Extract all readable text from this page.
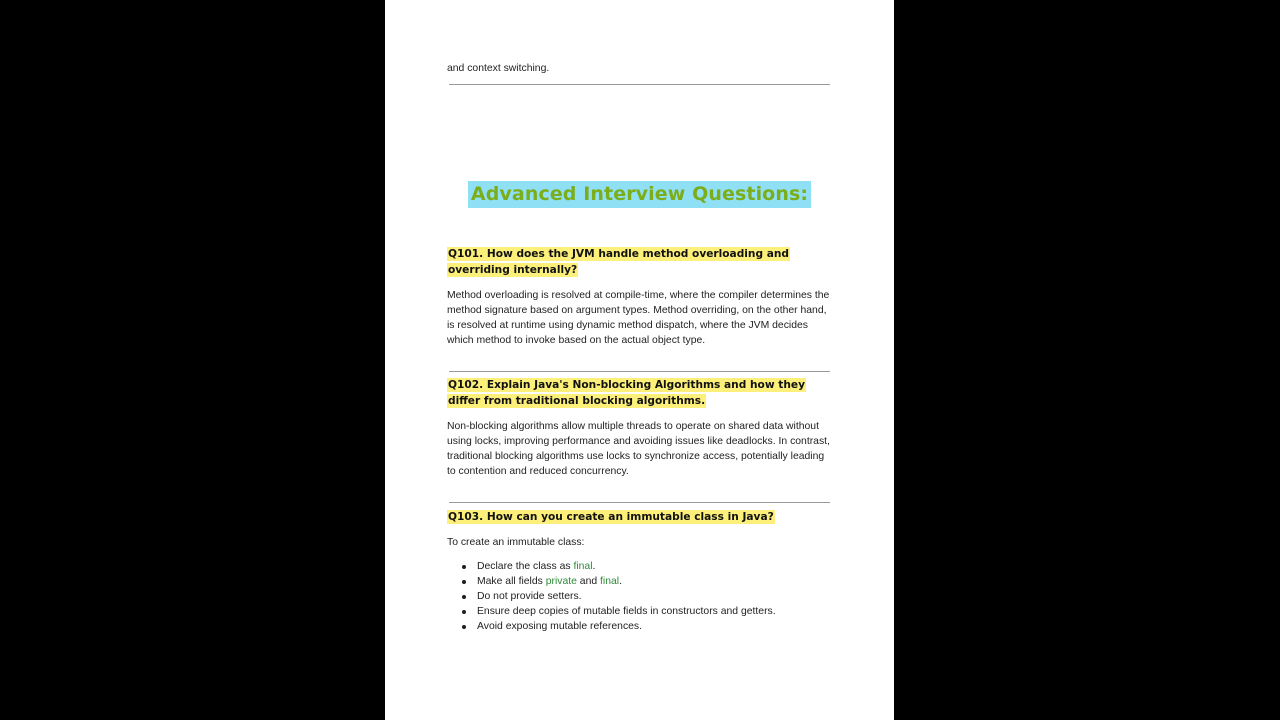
and context switching.
Advanced Interview Questions:
Q101. How does the JVM handle method overloading and overriding internally?
Method overloading is resolved at compile-time, where the compiler determines the method signature based on argument types. Method overriding, on the other hand, is resolved at runtime using dynamic method dispatch, where the JVM decides which method to invoke based on the actual object type.
Q102. Explain Java's Non-blocking Algorithms and how they differ from traditional blocking algorithms.
Non-blocking algorithms allow multiple threads to operate on shared data without using locks, improving performance and avoiding issues like deadlocks. In contrast, traditional blocking algorithms use locks to synchronize access, potentially leading to contention and reduced concurrency.
Q103. How can you create an immutable class in Java?
To create an immutable class:
Declare the class as final.
Make all fields private and final.
Do not provide setters.
Ensure deep copies of mutable fields in constructors and getters.
Avoid exposing mutable references.
